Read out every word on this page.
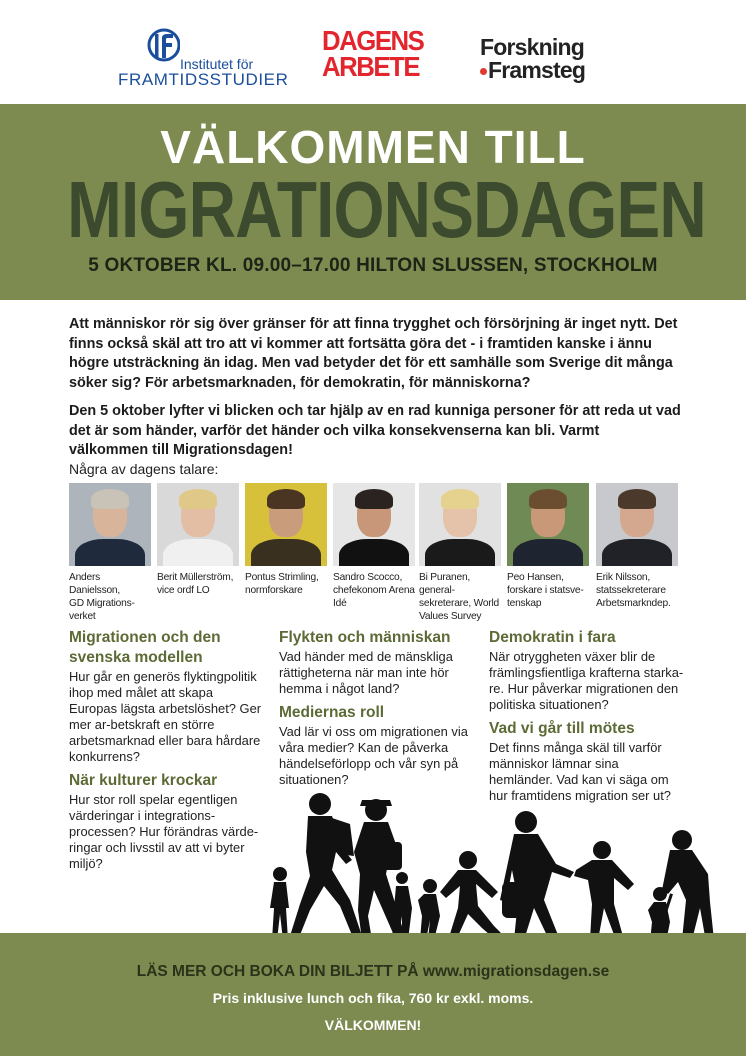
Institutet för
FRAMTIDSSTUDIER
DAGENS
ARBETE
Forskning
Framsteg
VÄLKOMMEN TILL
MIGRATIONSDAGEN
5 OKTOBER KL. 09.00–17.00 HILTON SLUSSEN, STOCKHOLM

Att människor rör sig över gränser för att finna trygghet och försörjning är inget nytt. Det finns också skäl att tro att vi kommer att fortsätta göra det - i framtiden kanske i ännu högre utsträckning än idag. Men vad betyder det för ett samhälle som Sverige dit många söker sig? För arbetsmarknaden, för demokratin, för människorna?

Den 5 oktober lyfter vi blicken och tar hjälp av en rad kunniga personer för att reda ut vad det är som händer, varför det händer och vilka konsekvenserna kan bli. Varmt välkommen till Migrationsdagen!

Några av dagens talare:
Anders Danielsson,
GD Migrations-
verket
Berit Müllerström,
vice ordf LO
Pontus Strimling,
normforskare
Sandro Scocco,
chefekonom Arena
Idé
Bi Puranen, general-
sekreterare, World
Values Survey
Peo Hansen,
forskare i statsve-
tenskap
Erik Nilsson,
statssekreterare
Arbetsmarkndep.
Migrationen och den svenska modellen

Hur går en generös flyktingpolitik ihop med målet att skapa Europas lägsta arbetslöshet? Ger mer ar-betskraft en större arbetsmarknad eller bara hårdare konkurrens?

När kulturer krockar

Hur stor roll spelar egentligen värderingar i integrations-processen? Hur förändras värde-ringar och livsstil av att vi byter miljö?

Flykten och människan

Vad händer med de mänskliga rättigheterna när man inte hör hemma i något land?

Mediernas roll

Vad lär vi oss om migrationen via våra medier? Kan de påverka händelseförlopp och vår syn på situationen?

Demokratin i fara

När otryggheten växer blir de främlingsfientliga krafterna starka-re. Hur påverkar migrationen den politiska situationen?

Vad vi går till mötes

Det finns många skäl till varför människor lämnar sina hemländer. Vad kan vi säga om hur framtidens migration ser ut?

LÄS MER OCH BOKA DIN BILJETT PÅ www.migrationsdagen.se
Pris inklusive lunch och fika, 760 kr exkl. moms.
VÄLKOMMEN!
